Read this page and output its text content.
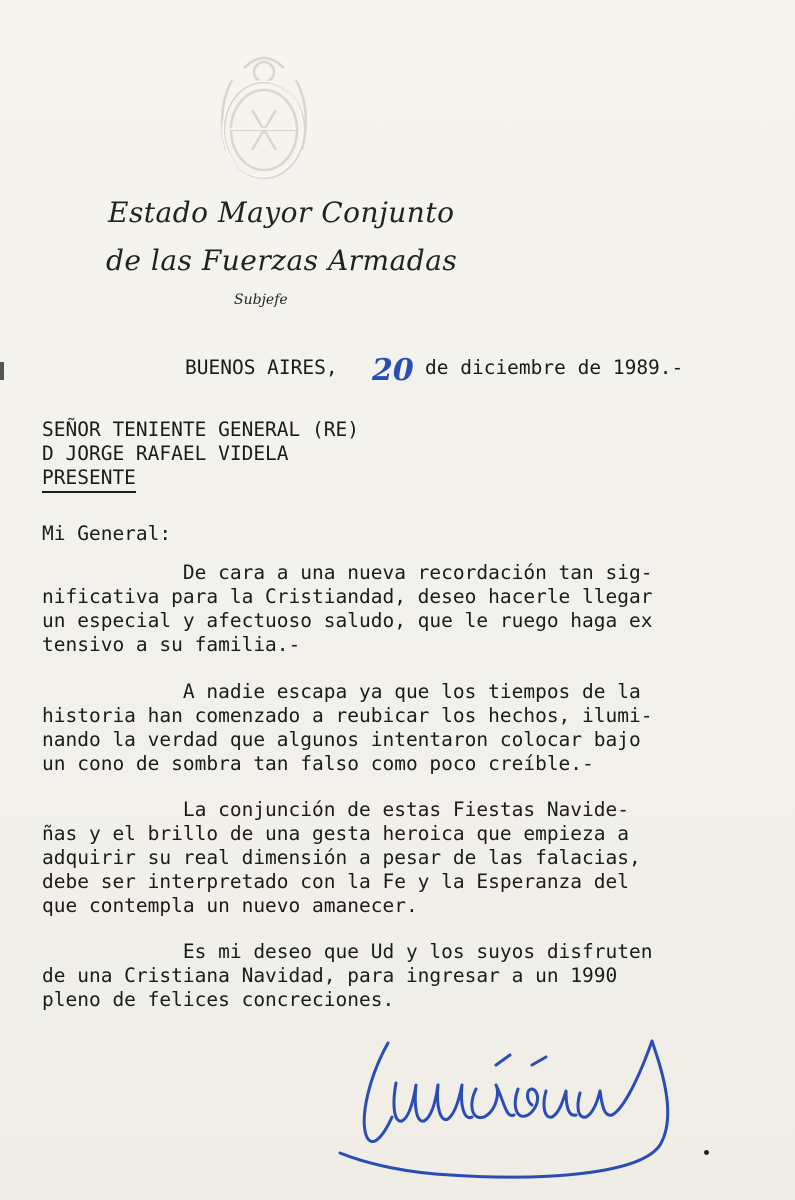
Estado Mayor Conjunto
de las Fuerzas Armadas
Subjefe
BUENOS AIRES, 20 de diciembre de 1989.-
SEÑOR TENIENTE GENERAL (RE)
D JORGE RAFAEL VIDELA
PRESENTE
Mi General:
De cara a una nueva recordación tan sig-
nificativa para la Cristiandad, deseo hacerle llegar
un especial y afectuoso saludo, que le ruego haga ex
tensivo a su familia.-
A nadie escapa ya que los tiempos de la
historia han comenzado a reubicar los hechos, ilumi-
nando la verdad que algunos intentaron colocar bajo
un cono de sombra tan falso como poco creíble.-
La conjunción de estas Fiestas Navide-
ñas y el brillo de una gesta heroica que empieza a
adquirir su real dimensión a pesar de las falacias,
debe ser interpretado con la Fe y la Esperanza del
que contempla un nuevo amanecer.
Es mi deseo que Ud y los suyos disfruten
de una Cristiana Navidad, para ingresar a un 1990
pleno de felices concreciones.
